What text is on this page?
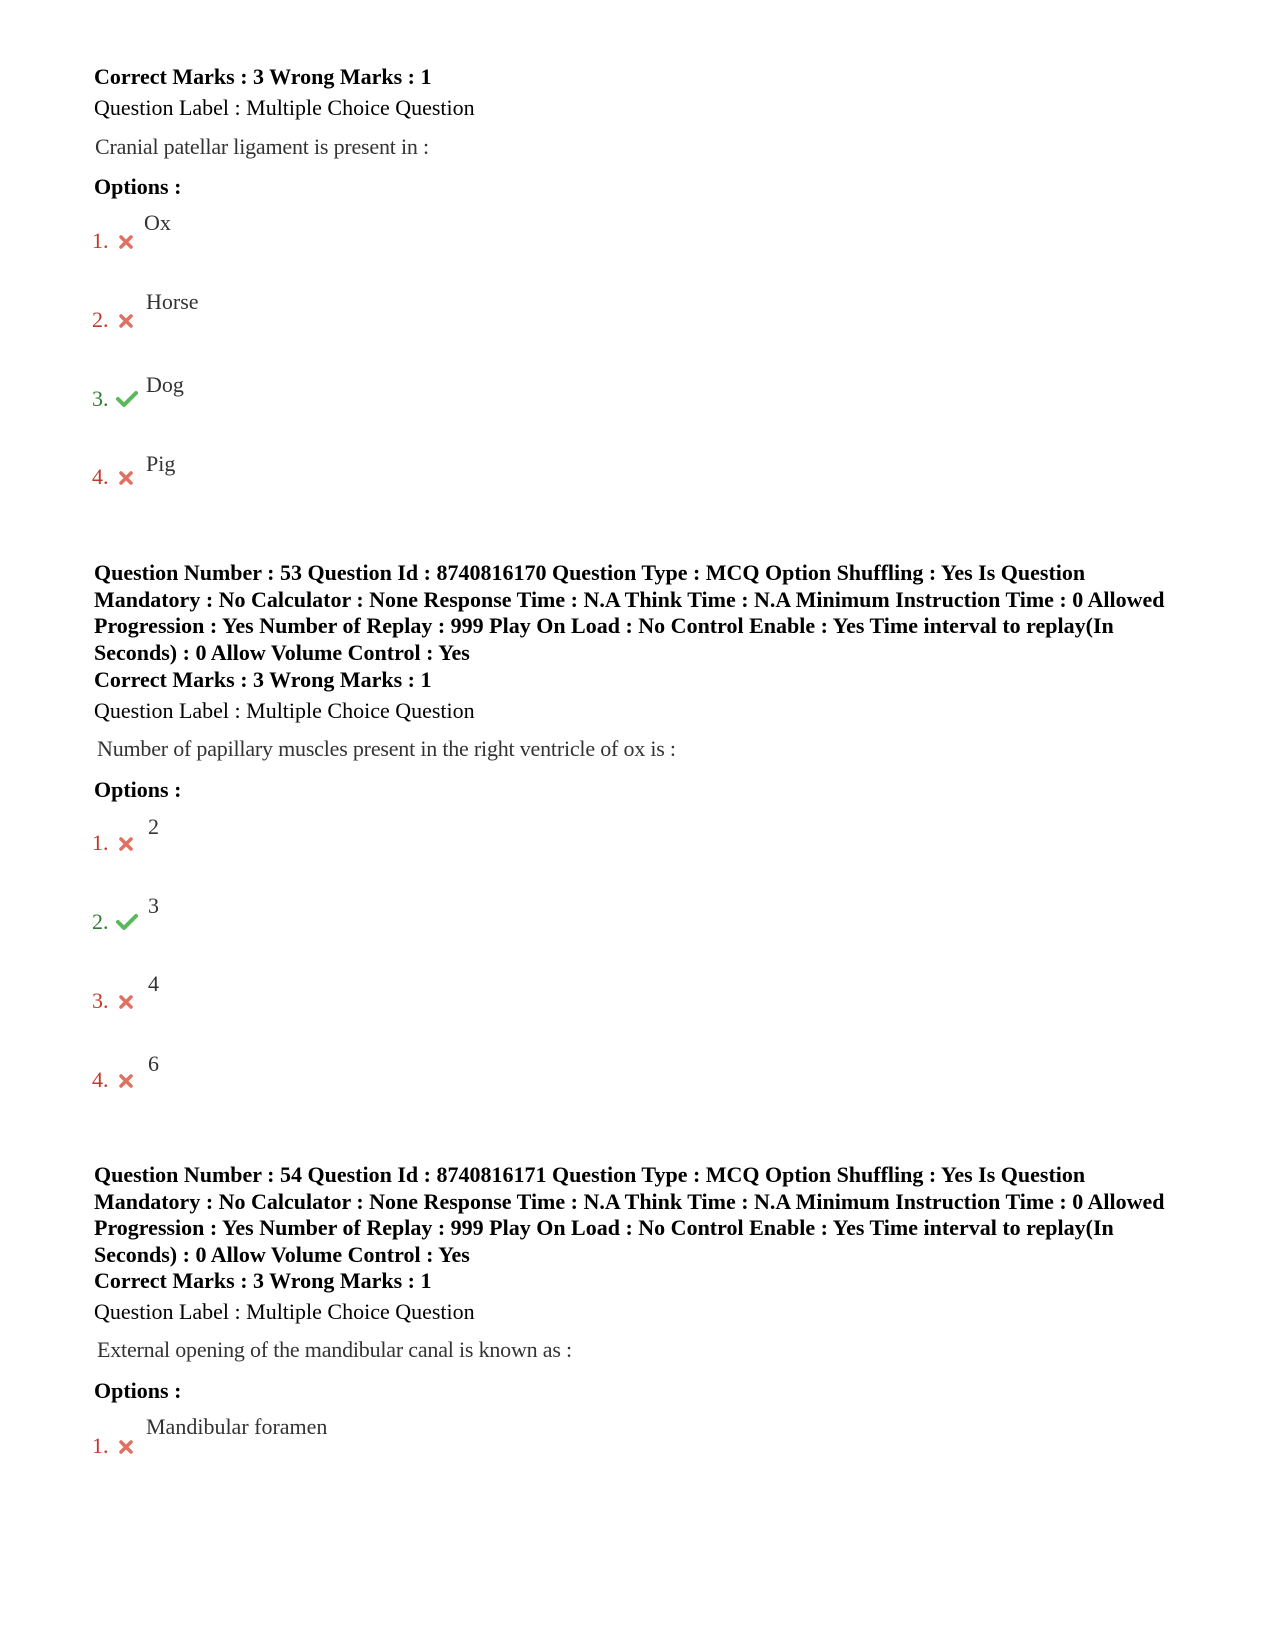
Correct Marks : 3 Wrong Marks : 1
Question Label : Multiple Choice Question
Cranial patellar ligament is present in :
Options :
1.
Ox
2.
Horse
3.
Dog
4.
Pig
Question Number : 53 Question Id : 8740816170 Question Type : MCQ Option Shuffling : Yes Is Question Mandatory : No Calculator : None Response Time : N.A Think Time : N.A Minimum Instruction Time : 0 Allowed Progression : Yes Number of Replay : 999 Play On Load : No Control Enable : Yes Time interval to replay(In Seconds) : 0 Allow Volume Control : Yes
Correct Marks : 3 Wrong Marks : 1
Question Label : Multiple Choice Question
Number of papillary muscles present in the right ventricle of ox is :
Options :
1.
2
2.
3
3.
4
4.
6
Question Number : 54 Question Id : 8740816171 Question Type : MCQ Option Shuffling : Yes Is Question Mandatory : No Calculator : None Response Time : N.A Think Time : N.A Minimum Instruction Time : 0 Allowed Progression : Yes Number of Replay : 999 Play On Load : No Control Enable : Yes Time interval to replay(In Seconds) : 0 Allow Volume Control : Yes
Correct Marks : 3 Wrong Marks : 1
Question Label : Multiple Choice Question
External opening of the mandibular canal is known as :
Options :
1.
Mandibular foramen
